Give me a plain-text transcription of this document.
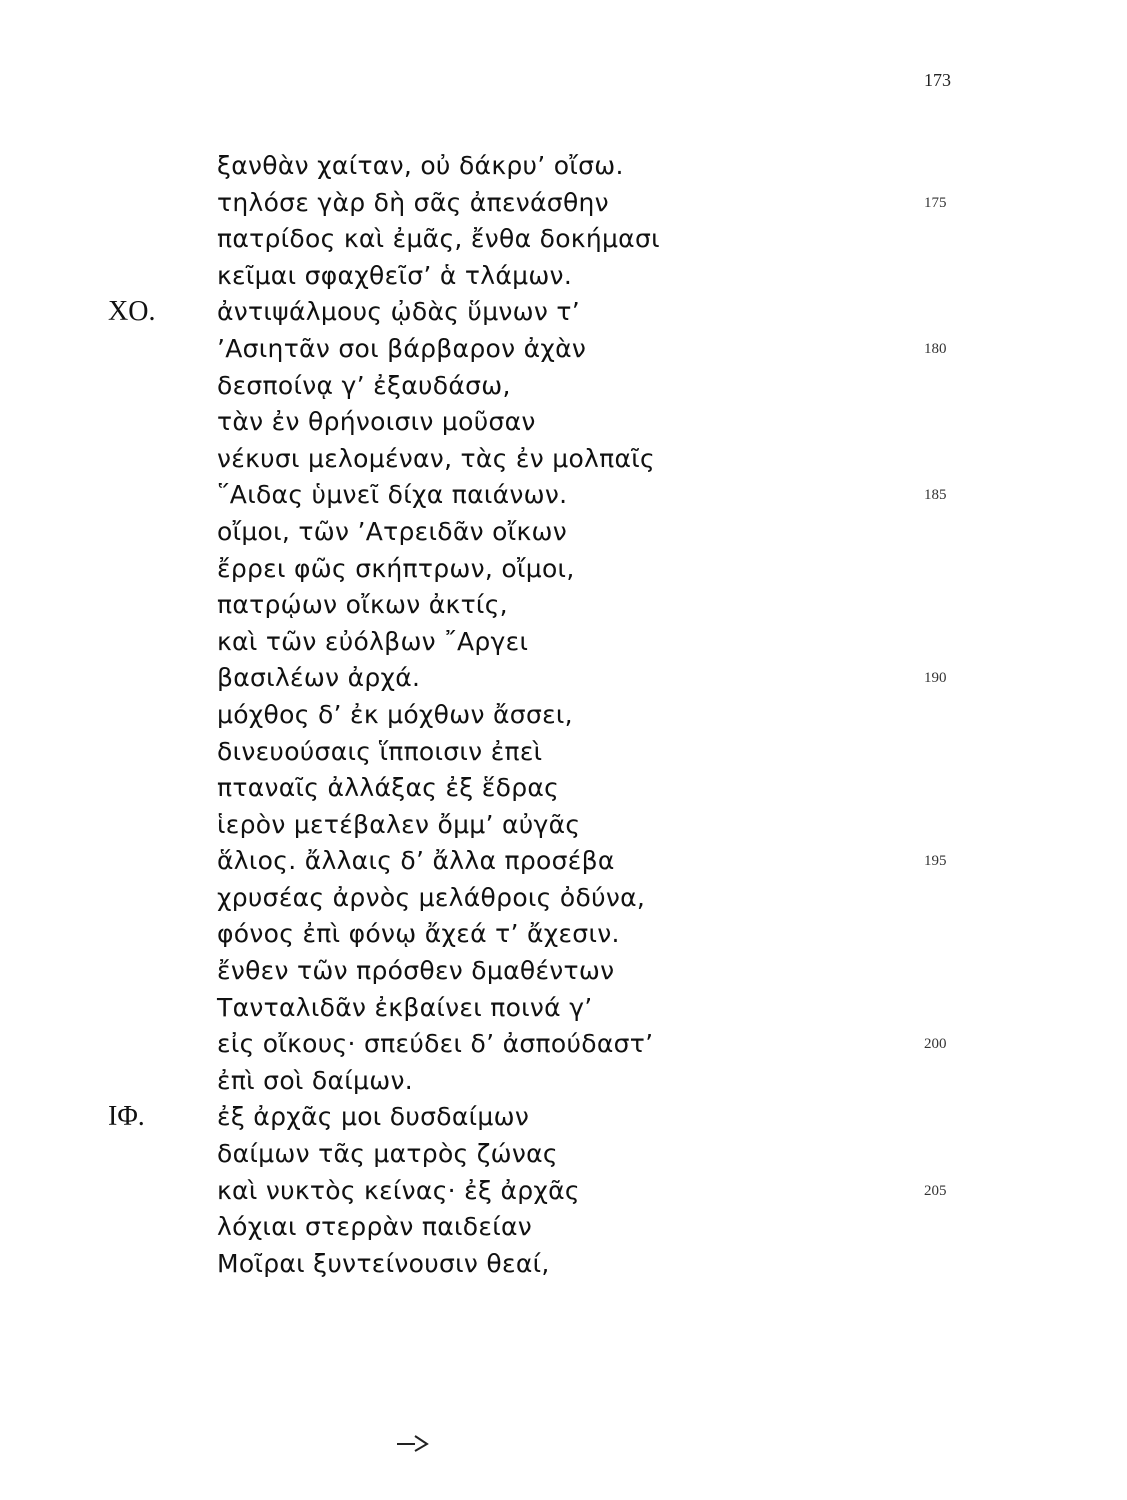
173
ξανθὰν χαίταν, οὐ δάκρυ’ οἴσω.
τηλόσε γὰρ δὴ σᾶς ἀπενάσθην	175
πατρίδος καὶ ἐμᾶς, ἔνθα δοκήμασι
κεῖμαι σφαχθεῖσ’ ἁ τλάμων.
ΧΟ. ἀντιψάλμους ᾠδὰς ὕμνων τ’
’Ασιητᾶν σοι βάρβαρον ἀχὰν	180
δεσποίνᾳ γ’ ἐξαυδάσω,
τὰν ἐν θρήνοισιν μοῦσαν
νέκυσι μελομέναν, τὰς ἐν μολπαῖς
῞Αιδας ὑμνεῖ δίχα παιάνων.	185
οἴμοι, τῶν ’Ατρειδᾶν οἴκων
ἔρρει φῶς σκήπτρων, οἴμοι,
πατρῴων οἴκων ἀκτίς,
καὶ τῶν εὐόλβων ῎Αργει
βασιλέων ἀρχά.	190
μόχθος δ’ ἐκ μόχθων ἄσσει,
δινευούσαις ἵπποισιν ἐπεὶ
πταναῖς ἀλλάξας ἐξ ἕδρας
ἱερὸν μετέβαλεν ὄμμ’ αὐγᾶς
ἅλιος. ἄλλαις δ’ ἄλλα προσέβα	195
χρυσέας ἀρνὸς μελάθροις ὀδύνα,
φόνος ἐπὶ φόνῳ ἄχεά τ’ ἄχεσιν.
ἔνθεν τῶν πρόσθεν δμαθέντων
Τανταλιδᾶν ἐκβαίνει ποινά γ’
εἰς οἴκους· σπεύδει δ’ ἀσπούδαστ’	200
ἐπὶ σοὶ δαίμων.
ΙΦ.	ἐξ ἀρχᾶς μοι δυσδαίμων
δαίμων τᾶς ματρὸς ζώνας
καὶ νυκτὸς κείνας· ἐξ ἀρχᾶς	205
λόχιαι στερρὰν παιδείαν
Μοῖραι ξυντείνουσιν θεαί,
